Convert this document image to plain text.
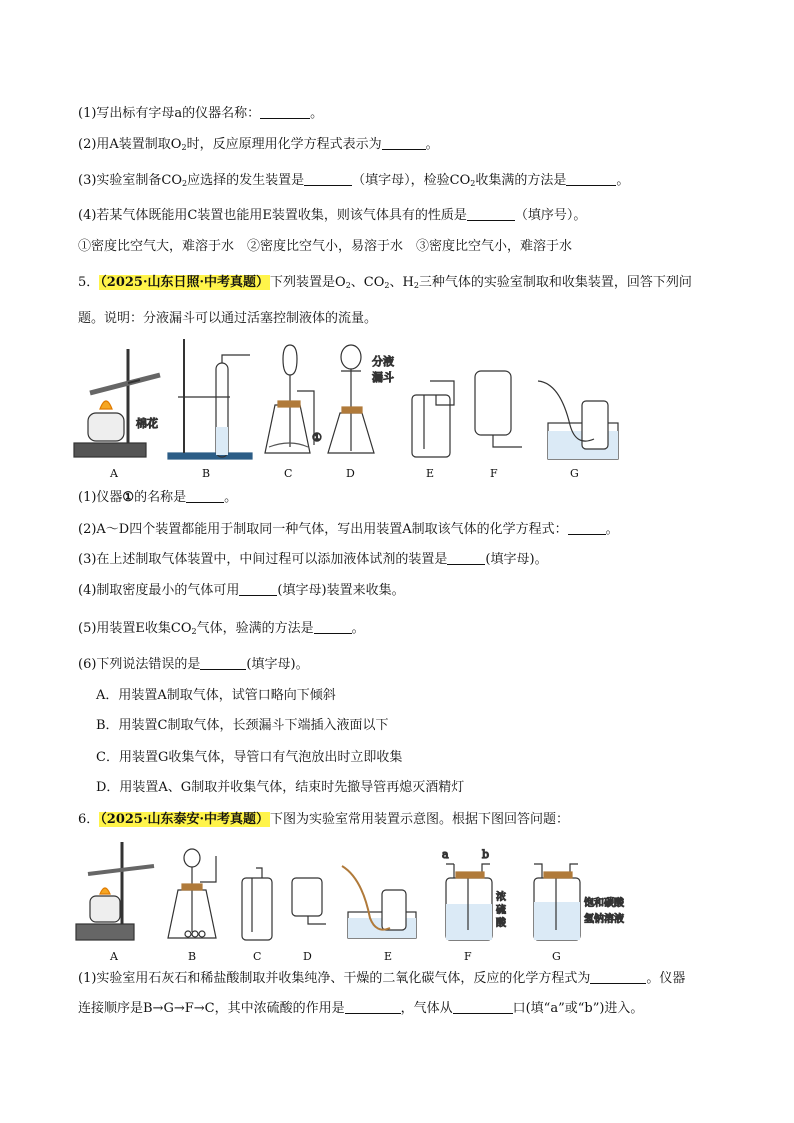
(1)写出标有字母a的仪器名称：	。
(2)用A装置制取$O_2$时，反应原理用化学方程式表示为	。
(3)实验室制备$CO_2$应选择的发生装置是	（填字母），检验$CO_2$收集满的方法是	。
(4)若某气体既能用C装置也能用E装置收集，则该气体具有的性质是	（填序号）。
①密度比空气大，难溶于水　②密度比空气小，易溶于水　③密度比空气小，难溶于水
5．（2025·山东日照·中考真题）下列装置是$O_2$、$CO_2$、$H_2$三种气体的实验室制取和收集装置，回答下列问
题。说明：分液漏斗可以通过活塞控制液体的流量。
棉花
①
分液
漏斗
A	B	C	D	E	F	G
(1)仪器①的名称是	。
(2)A～D四个装置都能用于制取同一种气体，写出用装置A制取该气体的化学方程式：	。
(3)在上述制取气体装置中，中间过程可以添加液体试剂的装置是	(填字母)。
(4)制取密度最小的气体可用	(填字母)装置来收集。
(5)用装置E收集$CO_2$气体，验满的方法是	。
(6)下列说法错误的是	(填字母)。
A．用装置A制取气体，试管口略向下倾斜
B．用装置C制取气体，长颈漏斗下端插入液面以下
C．用装置G收集气体，导管口有气泡放出时立即收集
D．用装置A、G制取并收集气体，结束时先撤导管再熄灭酒精灯
6．（2025·山东泰安·中考真题）下图为实验室常用装置示意图。根据下图回答问题：
a	b
浓
硫
酸
饱和碳酸
氢钠溶液
A	B	C	D	E	F	G
(1)实验室用石灰石和稀盐酸制取并收集纯净、干燥的二氧化碳气体，反应的化学方程式为	。仪器
连接顺序是B→G→F→C，其中浓硫酸的作用是	，气体从	口(填“a”或“b”)进入。
